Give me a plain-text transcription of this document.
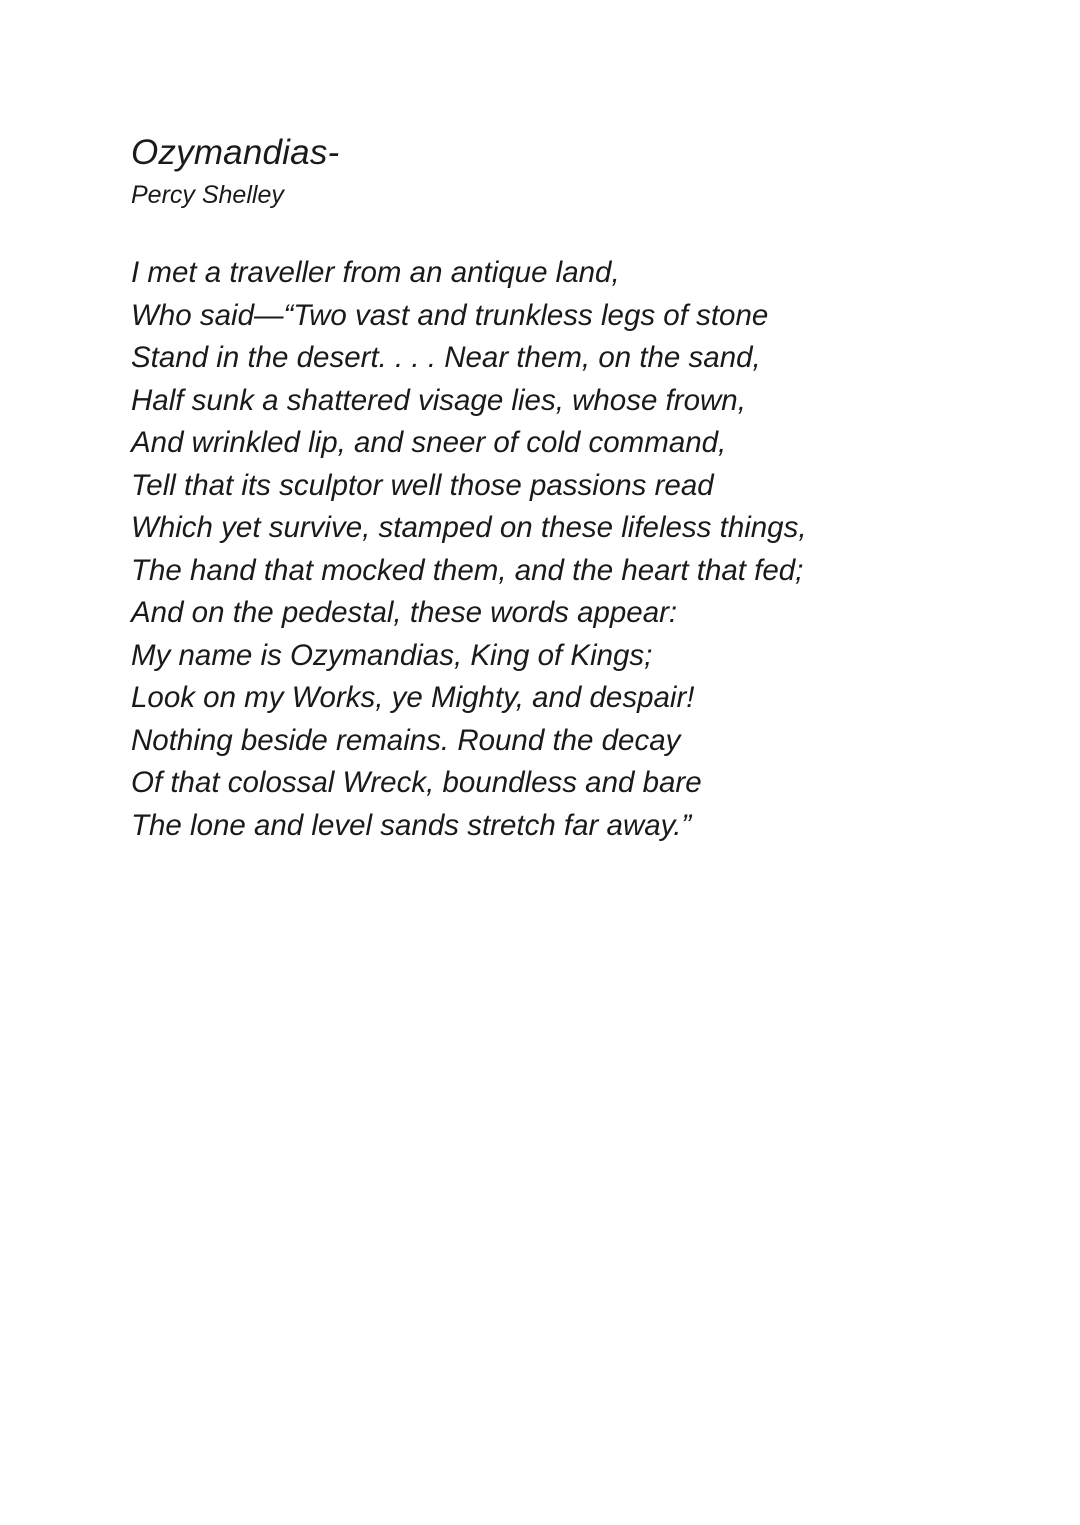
Ozymandias-
Percy Shelley
I met a traveller from an antique land,
Who said—“Two vast and trunkless legs of stone
Stand in the desert. . . . Near them, on the sand,
Half sunk a shattered visage lies, whose frown,
And wrinkled lip, and sneer of cold command,
Tell that its sculptor well those passions read
Which yet survive, stamped on these lifeless things,
The hand that mocked them, and the heart that fed;
And on the pedestal, these words appear:
My name is Ozymandias, King of Kings;
Look on my Works, ye Mighty, and despair!
Nothing beside remains. Round the decay
Of that colossal Wreck, boundless and bare
The lone and level sands stretch far away.”
